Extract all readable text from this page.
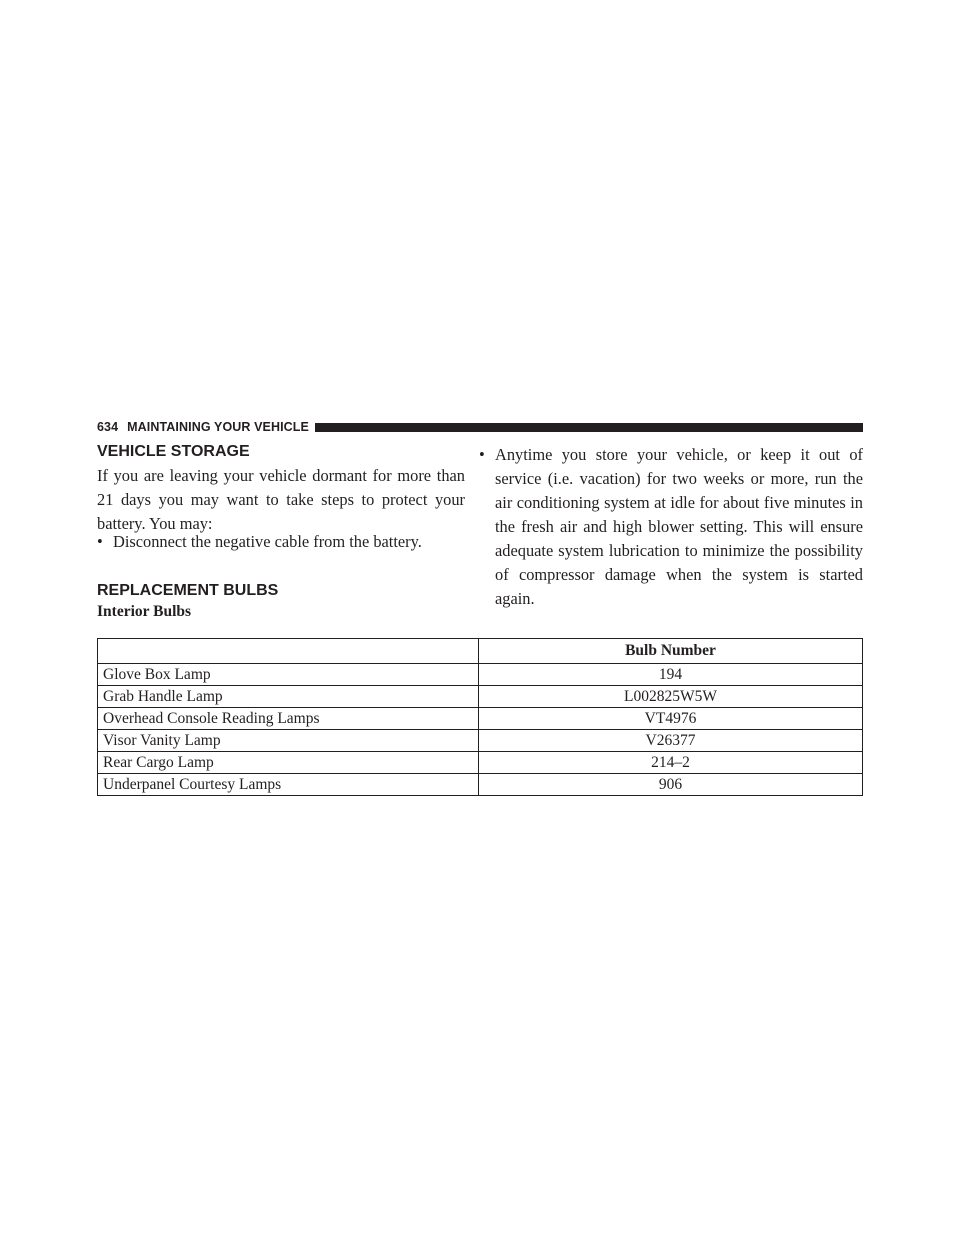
634 MAINTAINING YOUR VEHICLE
VEHICLE STORAGE
If you are leaving your vehicle dormant for more than 21 days you may want to take steps to protect your battery. You may:
• Disconnect the negative cable from the battery.
• Anytime you store your vehicle, or keep it out of service (i.e. vacation) for two weeks or more, run the air conditioning system at idle for about five minutes in the fresh air and high blower setting. This will ensure adequate system lubrication to minimize the possibility of compressor damage when the system is started again.
REPLACEMENT BULBS
Interior Bulbs
	Bulb Number
Glove Box Lamp	194
Grab Handle Lamp	L002825W5W
Overhead Console Reading Lamps	VT4976
Visor Vanity Lamp	V26377
Rear Cargo Lamp	214–2
Underpanel Courtesy Lamps	906
